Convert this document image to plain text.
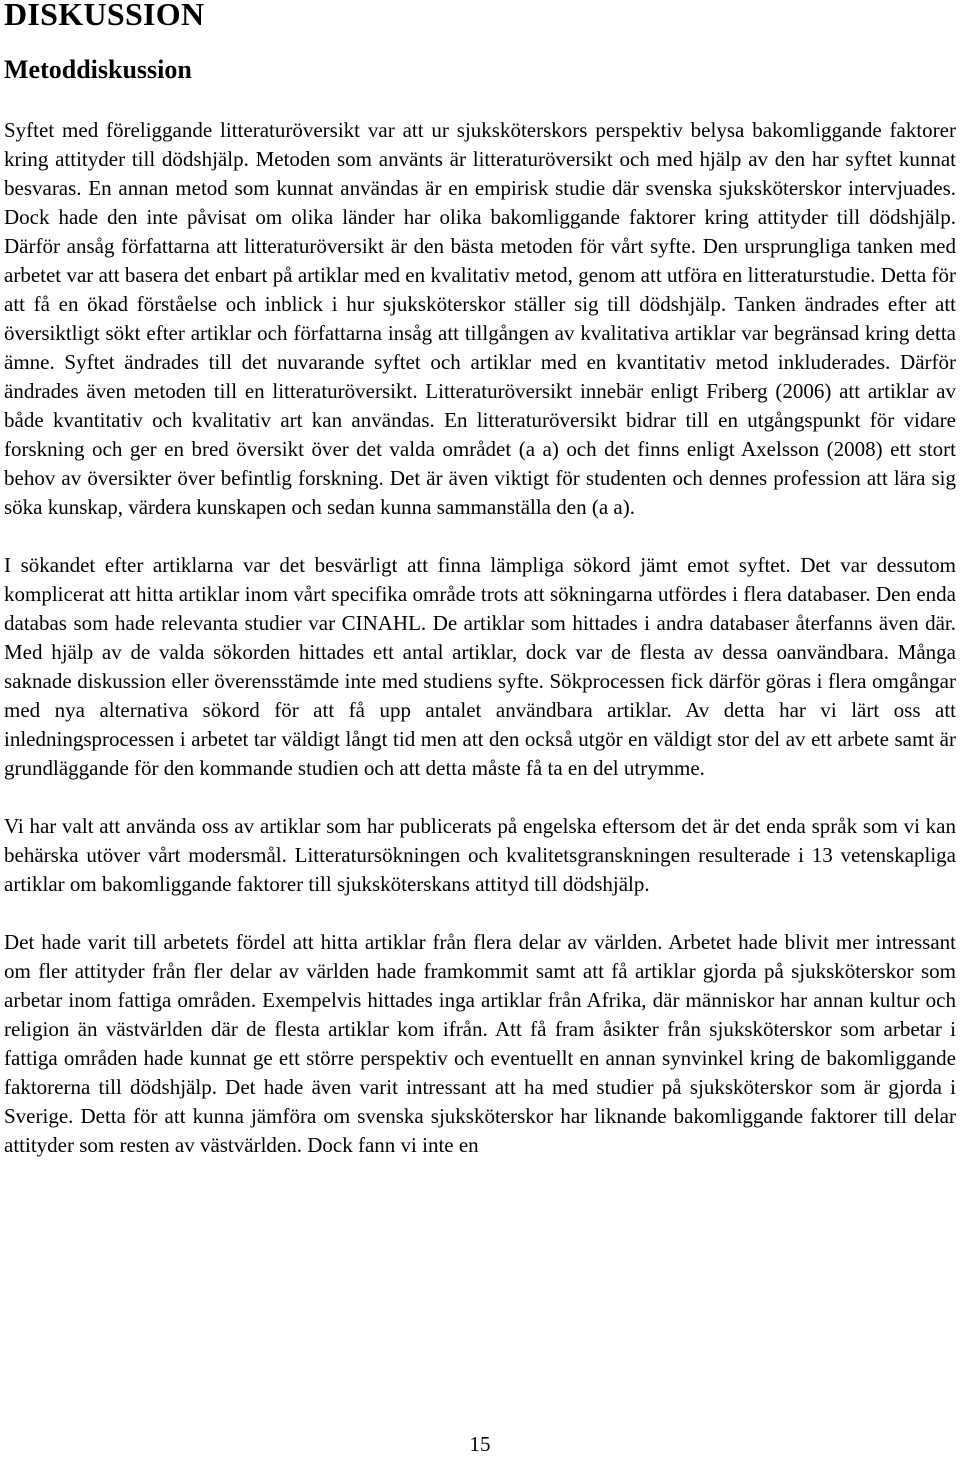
DISKUSSION
Metoddiskussion

Syftet med föreliggande litteraturöversikt var att ur sjuksköterskors perspektiv belysa bakomliggande faktorer kring attityder till dödshjälp. Metoden som använts är litteraturöversikt och med hjälp av den har syftet kunnat besvaras. En annan metod som kunnat användas är en empirisk studie där svenska sjuksköterskor intervjuades. Dock hade den inte påvisat om olika länder har olika bakomliggande faktorer kring attityder till dödshjälp. Därför ansåg författarna att litteraturöversikt är den bästa metoden för vårt syfte. Den ursprungliga tanken med arbetet var att basera det enbart på artiklar med en kvalitativ metod, genom att utföra en litteraturstudie. Detta för att få en ökad förståelse och inblick i hur sjuksköterskor ställer sig till dödshjälp. Tanken ändrades efter att översiktligt sökt efter artiklar och författarna insåg att tillgången av kvalitativa artiklar var begränsad kring detta ämne. Syftet ändrades till det nuvarande syftet och artiklar med en kvantitativ metod inkluderades. Därför ändrades även metoden till en litteraturöversikt. Litteraturöversikt innebär enligt Friberg (2006) att artiklar av både kvantitativ och kvalitativ art kan användas. En litteraturöversikt bidrar till en utgångspunkt för vidare forskning och ger en bred översikt över det valda området (a a) och det finns enligt Axelsson (2008) ett stort behov av översikter över befintlig forskning. Det är även viktigt för studenten och dennes profession att lära sig söka kunskap, värdera kunskapen och sedan kunna sammanställa den (a a).

I sökandet efter artiklarna var det besvärligt att finna lämpliga sökord jämt emot syftet. Det var dessutom komplicerat att hitta artiklar inom vårt specifika område trots att sökningarna utfördes i flera databaser. Den enda databas som hade relevanta studier var CINAHL. De artiklar som hittades i andra databaser återfanns även där. Med hjälp av de valda sökorden hittades ett antal artiklar, dock var de flesta av dessa oanvändbara. Många saknade diskussion eller överensstämde inte med studiens syfte. Sökprocessen fick därför göras i flera omgångar med nya alternativa sökord för att få upp antalet användbara artiklar. Av detta har vi lärt oss att inledningsprocessen i arbetet tar väldigt långt tid men att den också utgör en väldigt stor del av ett arbete samt är grundläggande för den kommande studien och att detta måste få ta en del utrymme.

Vi har valt att använda oss av artiklar som har publicerats på engelska eftersom det är det enda språk som vi kan behärska utöver vårt modersmål. Litteratursökningen och kvalitetsgranskningen resulterade i 13 vetenskapliga artiklar om bakomliggande faktorer till sjuksköterskans attityd till dödshjälp.

Det hade varit till arbetets fördel att hitta artiklar från flera delar av världen. Arbetet hade blivit mer intressant om fler attityder från fler delar av världen hade framkommit samt att få artiklar gjorda på sjuksköterskor som arbetar inom fattiga områden. Exempelvis hittades inga artiklar från Afrika, där människor har annan kultur och religion än västvärlden där de flesta artiklar kom ifrån. Att få fram åsikter från sjuksköterskor som arbetar i fattiga områden hade kunnat ge ett större perspektiv och eventuellt en annan synvinkel kring de bakomliggande faktorerna till dödshjälp. Det hade även varit intressant att ha med studier på sjuksköterskor som är gjorda i Sverige. Detta för att kunna jämföra om svenska sjuksköterskor har liknande bakomliggande faktorer till delar attityder som resten av västvärlden. Dock fann vi inte en

15
